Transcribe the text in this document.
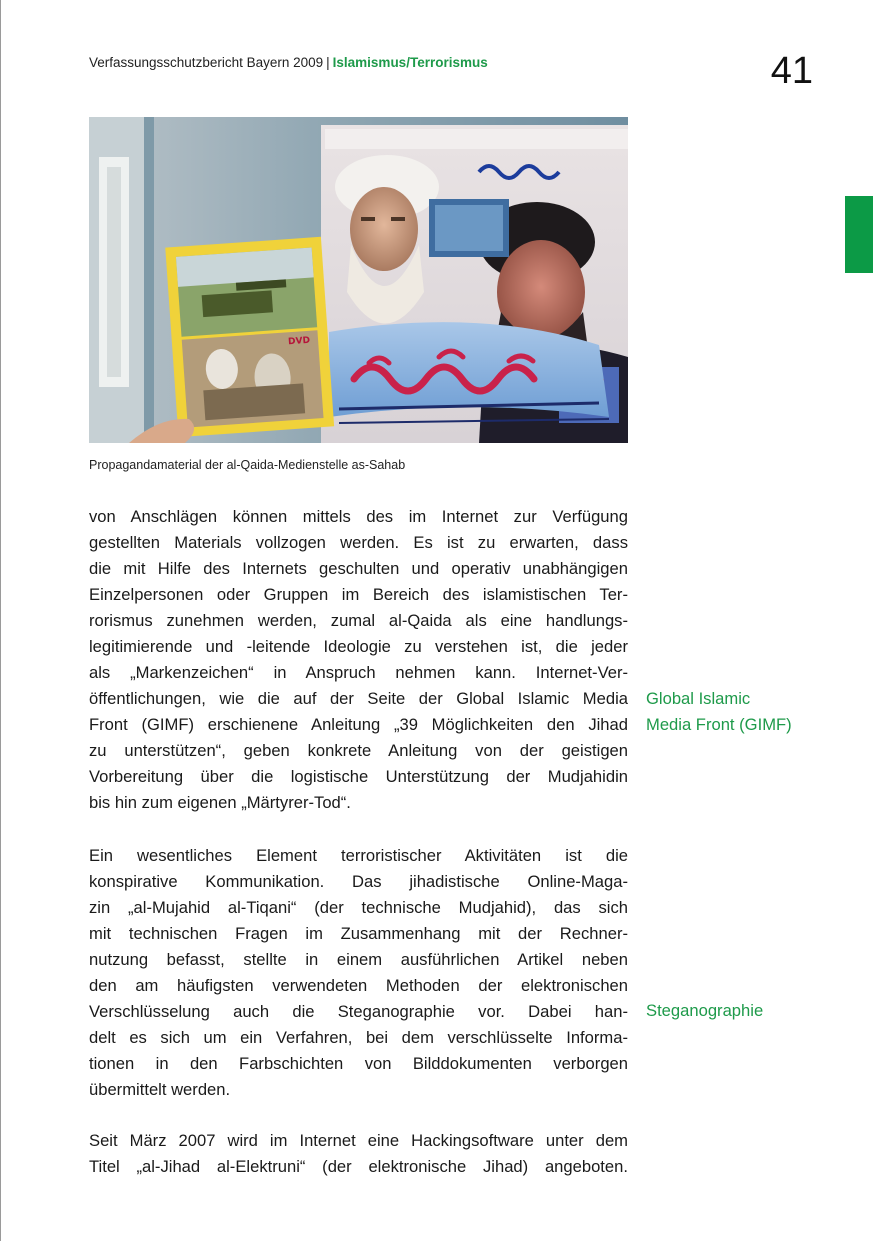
Verfassungsschutzbericht Bayern 2009 | Islamismus/Terrorismus	41
DVD
Propagandamaterial der al-Qaida-Medienstelle as-Sahab
von Anschlägen können mittels des im Internet zur Verfügung
gestellten Materials vollzogen werden. Es ist zu erwarten, dass
die mit Hilfe des Internets geschulten und operativ unabhängigen
Einzelpersonen oder Gruppen im Bereich des islamistischen Ter-
rorismus zunehmen werden, zumal al-Qaida als eine handlungs-
legitimierende und -leitende Ideologie zu verstehen ist, die jeder
als „Markenzeichen“ in Anspruch nehmen kann. Internet-Ver-
öffentlichungen, wie die auf der Seite der Global Islamic Media
Front (GIMF) erschienene Anleitung „39 Möglichkeiten den Jihad
zu unterstützen“, geben konkrete Anleitung von der geistigen
Vorbereitung über die logistische Unterstützung der Mudjahidin
bis hin zum eigenen „Märtyrer-Tod“.
Ein wesentliches Element terroristischer Aktivitäten ist die
konspirative Kommunikation. Das jihadistische Online-Maga-
zin „al-Mujahid al-Tiqani“ (der technische Mudjahid), das sich
mit technischen Fragen im Zusammenhang mit der Rechner-
nutzung befasst, stellte in einem ausführlichen Artikel neben
den am häufigsten verwendeten Methoden der elektronischen
Verschlüsselung auch die Steganographie vor. Dabei han-
delt es sich um ein Verfahren, bei dem verschlüsselte Informa-
tionen in den Farbschichten von Bilddokumenten verborgen
übermittelt werden.
Seit März 2007 wird im Internet eine Hackingsoftware unter dem
Titel „al-Jihad al-Elektruni“ (der elektronische Jihad) angeboten.
Global Islamic
Media Front (GIMF)
Steganographie
